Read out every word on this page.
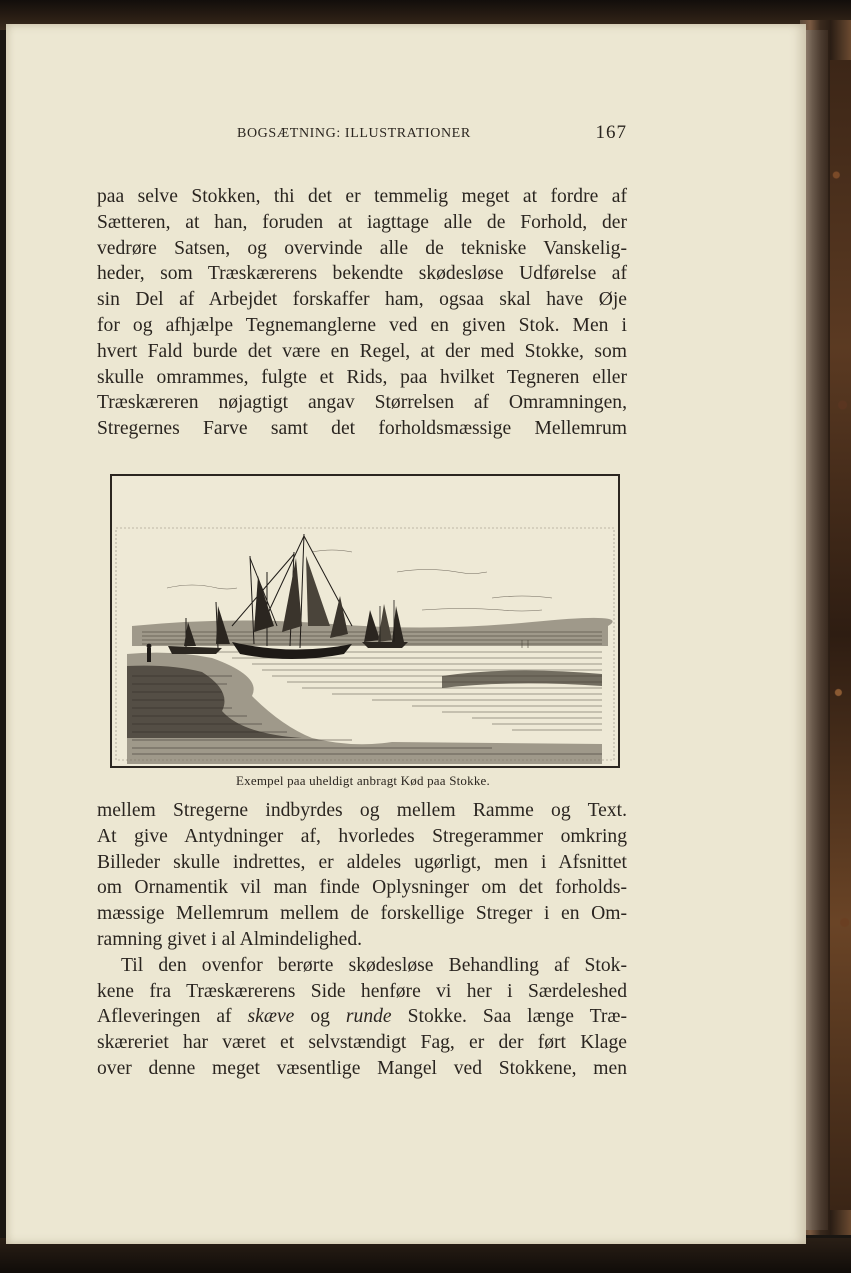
BOGSÆTNING: ILLUSTRATIONER	167

paa selve Stokken, thi det er temmelig meget at fordre af
Sætteren, at han, foruden at iagttage alle de Forhold, der
vedrøre Satsen, og overvinde alle de tekniske Vanskelig-
heder, som Træskærerens bekendte skødesløse Udførelse af
sin Del af Arbejdet forskaffer ham, ogsaa skal have Øje
for og afhjælpe Tegnemanglerne ved en given Stok. Men i
hvert Fald burde det være en Regel, at der med Stokke, som
skulle omrammes, fulgte et Rids, paa hvilket Tegneren eller
Træskæreren nøjagtigt angav Størrelsen af Omramningen,
Stregernes Farve samt det forholdsmæssige Mellemrum

Exempel paa uheldigt anbragt Kød paa Stokke.

mellem Stregerne indbyrdes og mellem Ramme og Text.
At give Antydninger af, hvorledes Stregerammer omkring
Billeder skulle indrettes, er aldeles ugørligt, men i Afsnittet
om Ornamentik vil man finde Oplysninger om det forholds-
mæssige Mellemrum mellem de forskellige Streger i en Om-
ramning givet i al Almindelighed.

Til den ovenfor berørte skødesløse Behandling af Stok-
kene fra Træskærerens Side henføre vi her i Særdeleshed
Afleveringen af skæve og runde Stokke. Saa længe Træ-
skæreriet har været et selvstændigt Fag, er der ført Klage
over denne meget væsentlige Mangel ved Stokkene, men
